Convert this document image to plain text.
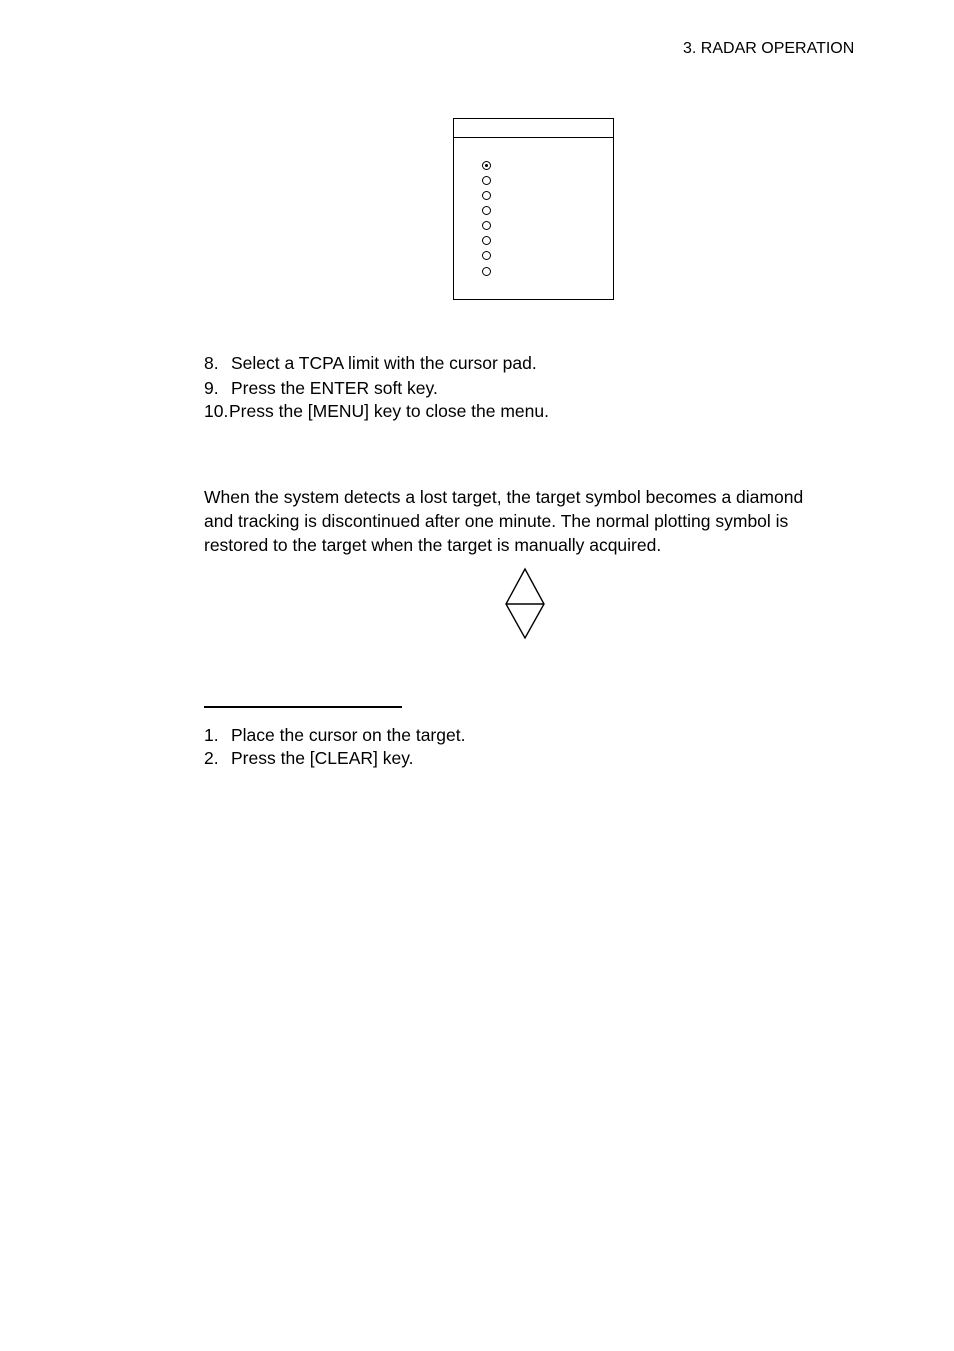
3. RADAR OPERATION
8. Select a TCPA limit with the cursor pad.
9. Press the ENTER soft key.
10.Press the [MENU] key to close the menu.
When the system detects a lost target, the target symbol becomes a diamond
and tracking is discontinued after one minute. The normal plotting symbol is
restored to the target when the target is manually acquired.
1. Place the cursor on the target.
2. Press the [CLEAR] key.
